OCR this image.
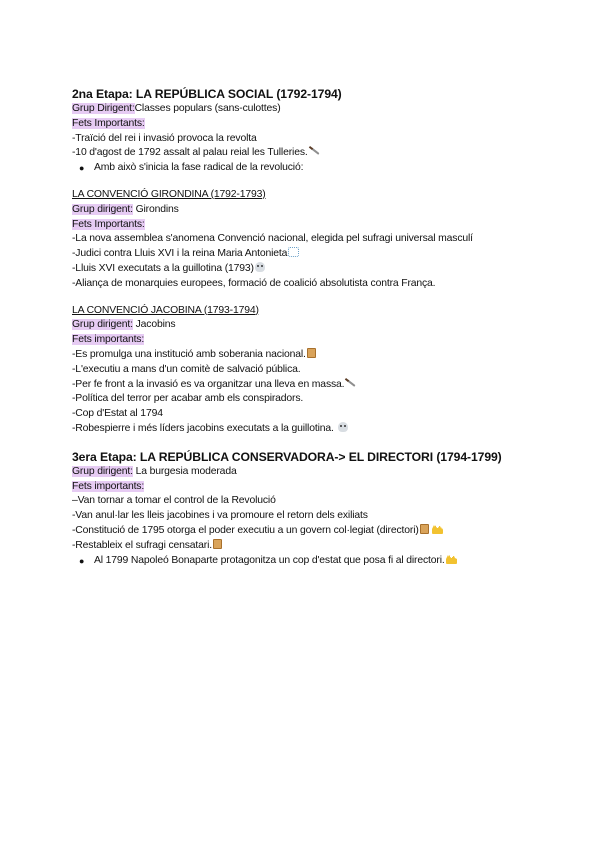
2na Etapa: LA REPÚBLICA SOCIAL (1792-1794)
Grup Dirigent:Classes populars (sans-culottes)
Fets Importants:
-Traïció del rei i invasió provoca la revolta
-10 d'agost de 1792 assalt al palau reial les Tulleries.
● Amb això s'inicia la fase radical de la revolució:
LA CONVENCIÓ GIRONDINA (1792-1793)
Grup dirigent: Girondins
Fets Importants:
-La nova assemblea s'anomena Convenció nacional, elegida pel sufragi universal masculí
-Judici contra Lluis XVI i la reina Maria Antonieta
-Lluis XVI executats a la guillotina (1793)
-Aliança de monarquies europees, formació de coalició absolutista contra França.
LA CONVENCIÓ JACOBINA (1793-1794)
Grup dirigent: Jacobins
Fets importants:
-Es promulga una institució amb soberania nacional.
-L'executiu a mans d'un comitè de salvació pública.
-Per fe front a la invasió es va organitzar una lleva en massa.
-Política del terror per acabar amb els conspiradors.
-Cop d'Estat al 1794
-Robespierre i més líders jacobins executats a la guillotina.
3era Etapa: LA REPÚBLICA CONSERVADORA-> EL DIRECTORI (1794-1799)
Grup dirigent: La burgesia moderada
Fets importants:
–Van tornar a tomar el control de la Revolució
-Van anul·lar les lleis jacobines i va promoure el retorn dels exiliats
-Constitució de 1795 otorga el poder executiu a un govern col·legiat (directori)
-Restableix el sufragi censatari.
● Al 1799 Napoleó Bonaparte protagonitza un cop d'estat que posa fi al directori.
